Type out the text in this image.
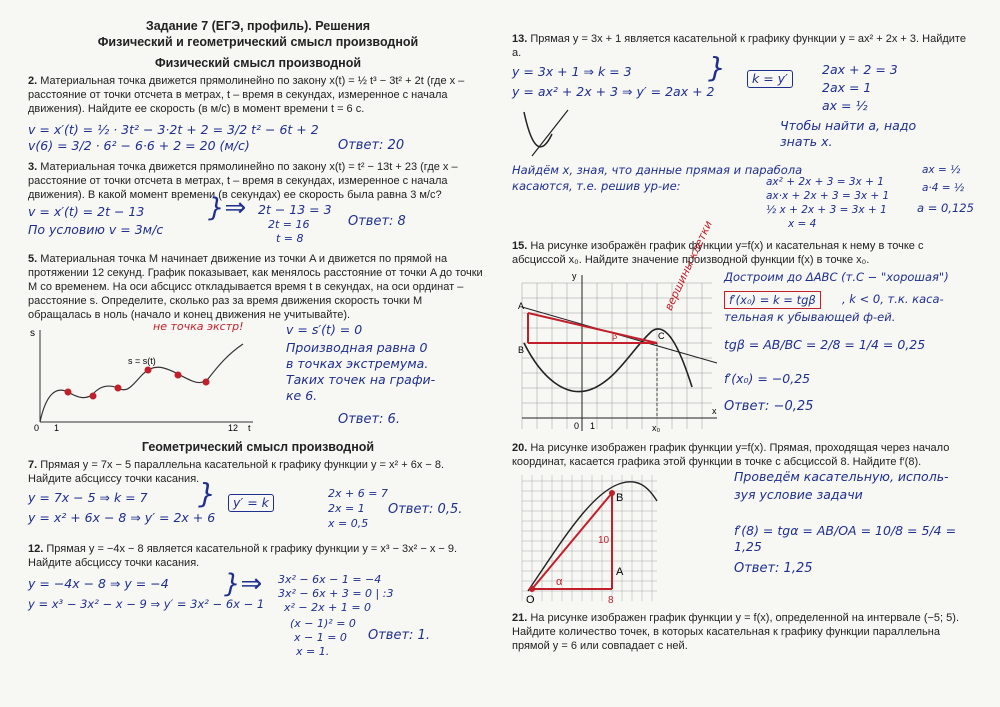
Задание 7 (ЕГЭ, профиль). Решения
Физический и геометрический смысл производной
Физический смысл производной
2. Материальная точка движется прямолинейно по закону x(t) = ½ t³ − 3t² + 2t (где x – расстояние от точки отсчета в метрах, t – время в секундах, измеренное с начала движения). Найдите ее скорость (в м/с) в момент времени t = 6 с.
v = x′(t) = ½ · 3t² − 3·2t + 2 = 3/2 t² − 6t + 2
v(6) = 3/2 · 6² − 6·6 + 2 = 20 (м/с)	Ответ: 20
3. Материальная точка движется прямолинейно по закону x(t) = t² − 13t + 23 (где x – расстояние от точки отсчета в метрах, t – время в секундах, измеренное с начала движения). В какой момент времени (в секундах) ее скорость была равна 3 м/с?
v = x′(t) = 2t − 13
По условию v = 3м/с
}⇒ 2t − 13 = 3
2t = 16
t = 8
Ответ: 8
5. Материальная точка M начинает движение из точки A и движется по прямой на протяжении 12 секунд. График показывает, как менялось расстояние от точки A до точки M со временем. На оси абсцисс откладывается время t в секундах, на оси ординат – расстояние s. Определите, сколько раз за время движения скорость точки M обращалась в ноль (начало и конец движения не учитывайте).
s
s = s(t)
0 1	12 t
не точка экстр!	v = s′(t) = 0
Производная равна 0
в точках экстремума.
Таких точек на графи-
ке 6.
Ответ: 6.
Геометрический смысл производной
7. Прямая y = 7x − 5 параллельна касательной к графику функции y = x² + 6x − 8. Найдите абсциссу точки касания.
y = 7x − 5 ⇒ k = 7
y = x² + 6x − 8 ⇒ y′ = 2x + 6
}	y′ = k
2x + 6 = 7
2x = 1
x = 0,5
Ответ: 0,5.
12. Прямая y = −4x − 8 является касательной к графику функции y = x³ − 3x² − x − 9. Найдите абсциссу точки касания.
y = −4x − 8 ⇒ y = −4
y = x³ − 3x² − x − 9 ⇒ y′ = 3x² − 6x − 1
}⇒ 3x² − 6x − 1 = −4
3x² − 6x + 3 = 0 | :3
x² − 2x + 1 = 0
(x − 1)² = 0
x − 1 = 0
x = 1.
Ответ: 1.
13. Прямая y = 3x + 1 является касательной к графику функции y = ax² + 2x + 3. Найдите a.
y = 3x + 1 ⇒ k = 3
y = ax² + 2x + 3 ⇒ y′ = 2ax + 2
}	k = y′
2ax + 2 = 3
2ax = 1
ax = ½
Чтобы найти a, надо
знать x.
Найдём x, зная, что данные прямая и парабола
касаются, т.е. решив ур-ие:	ax² + 2x + 3 = 3x + 1
ax·x + 2x + 3 = 3x + 1
½ x + 2x + 3 = 3x + 1
x = 4
ax = ½
a·4 = ½
a = 0,125
15. На рисунке изображён график функции y=f(x) и касательная к нему в точке с абсциссой x₀. Найдите значение производной функции f(x) в точке x₀.
A
B
C
β
y
x
0 1	x₀
вершины клетки Достроим до ΔABC (т.С − "хорошая")
f′(x₀) = k = tgβ	, k < 0, т.к. каса-
тельная к убывающей ф-ей.
tgβ = AB/BC = 2/8 = 1/4 = 0,25
f′(x₀) = −0,25
Ответ: −0,25
20. На рисунке изображен график функции y=f(x). Прямая, проходящая через начало координат, касается графика этой функции в точке с абсциссой 8. Найдите f′(8).
B
A
O	8
10
α
Проведём касательную, исполь-
зуя условие задачи
f′(8) = tgα = AB/OA = 10/8 = 5/4 = 1,25
Ответ: 1,25
21. На рисунке изображен график функции y = f(x), определенной на интервале (−5; 5). Найдите количество точек, в которых касательная к графику функции параллельна прямой y = 6 или совпадает с ней.
